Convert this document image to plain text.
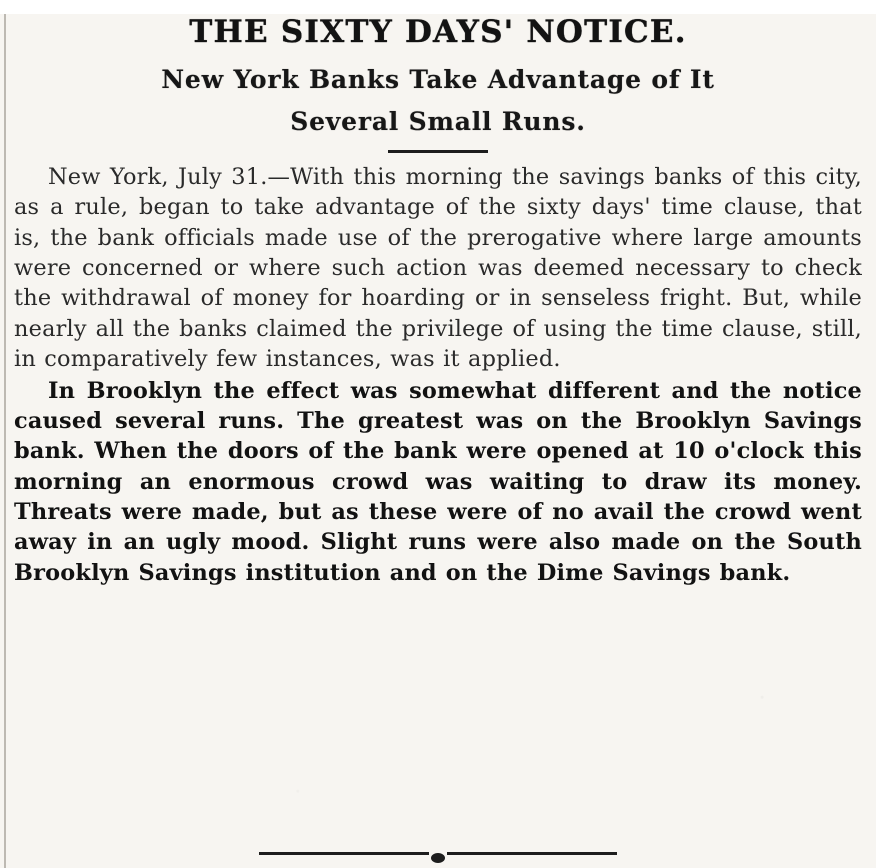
THE SIXTY DAYS' NOTICE.
New York Banks Take Advantage of It
Several Small Runs.

New York, July 31.—With this morning the savings banks of this city, as a rule, began to take advantage of the sixty days' time clause, that is, the bank officials made use of the prerogative where large amounts were concerned or where such action was deemed necessary to check the withdrawal of money for hoarding or in senseless fright. But, while nearly all the banks claimed the privilege of using the time clause, still, in comparatively few instances, was it applied.

In Brooklyn the effect was somewhat different and the notice caused several runs. The greatest was on the Brooklyn Savings bank. When the doors of the bank were opened at 10 o'clock this morning an enormous crowd was waiting to draw its money. Threats were made, but as these were of no avail the crowd went away in an ugly mood. Slight runs were also made on the South Brooklyn Savings institution and on the Dime Savings bank.
